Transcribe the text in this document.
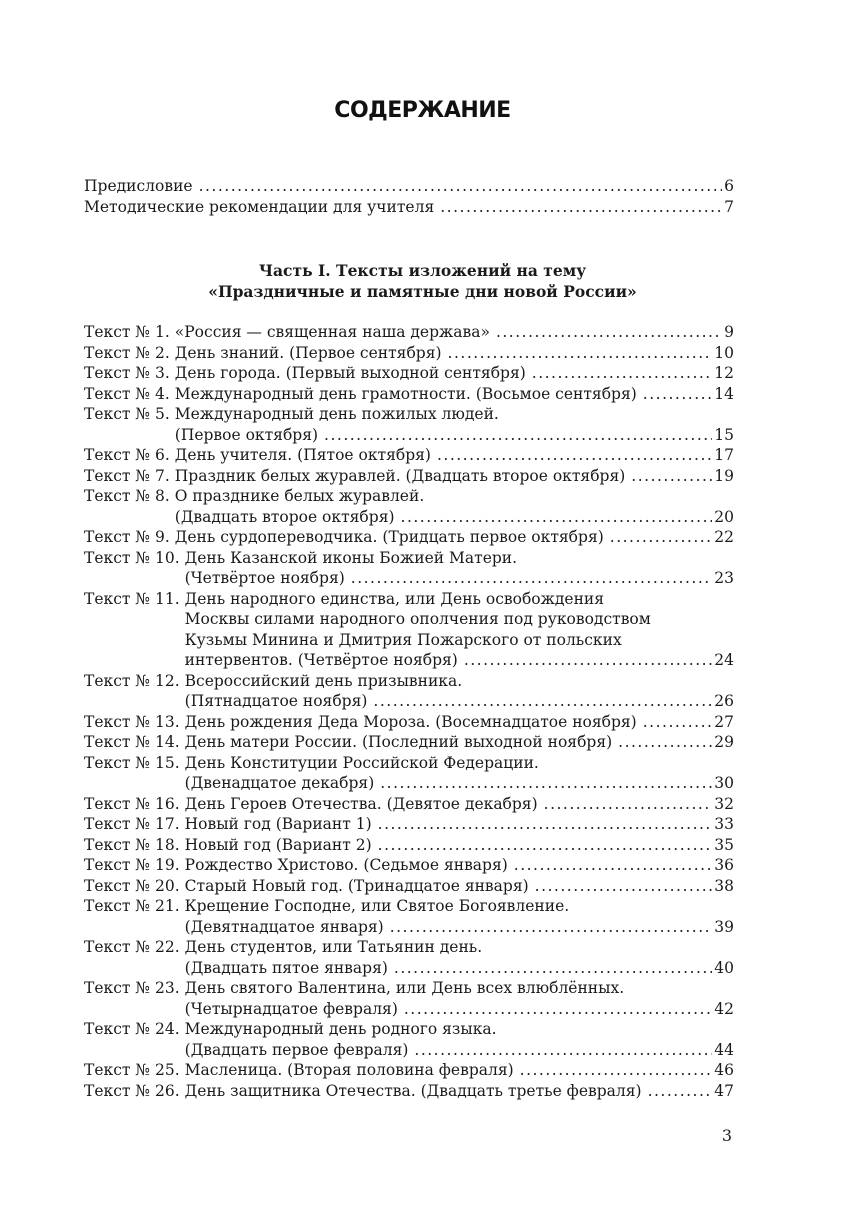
СОДЕРЖАНИЕ
Предисловие .....	6
Методические рекомендации для учителя .....	7
Часть I. Тексты изложений на тему
«Праздничные и памятные дни новой России»
Текст № 1. «Россия — священная наша держава» .....	9
Текст № 2. День знаний. (Первое сентября) .....	10
Текст № 3. День города. (Первый выходной сентября) .....	12
Текст № 4. Международный день грамотности. (Восьмое сентября) .....	14
Текст № 5. Международный день пожилых людей.
(Первое октября) .....	15
Текст № 6. День учителя. (Пятое октября) .....	17
Текст № 7. Праздник белых журавлей. (Двадцать второе октября) .....	19
Текст № 8. О празднике белых журавлей.
(Двадцать второе октября) .....	20
Текст № 9. День сурдопереводчика. (Тридцать первое октября) .....	22
Текст № 10. День Казанской иконы Божией Матери.
(Четвёртое ноября) .....	23
Текст № 11. День народного единства, или День освобождения
Москвы силами народного ополчения под руководством
Кузьмы Минина и Дмитрия Пожарского от польских
интервентов. (Четвёртое ноября) .....	24
Текст № 12. Всероссийский день призывника.
(Пятнадцатое ноября) .....	26
Текст № 13. День рождения Деда Мороза. (Восемнадцатое ноября) .....	27
Текст № 14. День матери России. (Последний выходной ноября) .....	29
Текст № 15. День Конституции Российской Федерации.
(Двенадцатое декабря) .....	30
Текст № 16. День Героев Отечества. (Девятое декабря) .....	32
Текст № 17. Новый год (Вариант 1) .....	33
Текст № 18. Новый год (Вариант 2) .....	35
Текст № 19. Рождество Христово. (Седьмое января) .....	36
Текст № 20. Старый Новый год. (Тринадцатое января) .....	38
Текст № 21. Крещение Господне, или Святое Богоявление.
(Девятнадцатое января) .....	39
Текст № 22. День студентов, или Татьянин день.
(Двадцать пятое января) .....	40
Текст № 23. День святого Валентина, или День всех влюблённых.
(Четырнадцатое февраля) .....	42
Текст № 24. Международный день родного языка.
(Двадцать первое февраля) .....	44
Текст № 25. Масленица. (Вторая половина февраля) .....	46
Текст № 26. День защитника Отечества. (Двадцать третье февраля) .....	47
3
